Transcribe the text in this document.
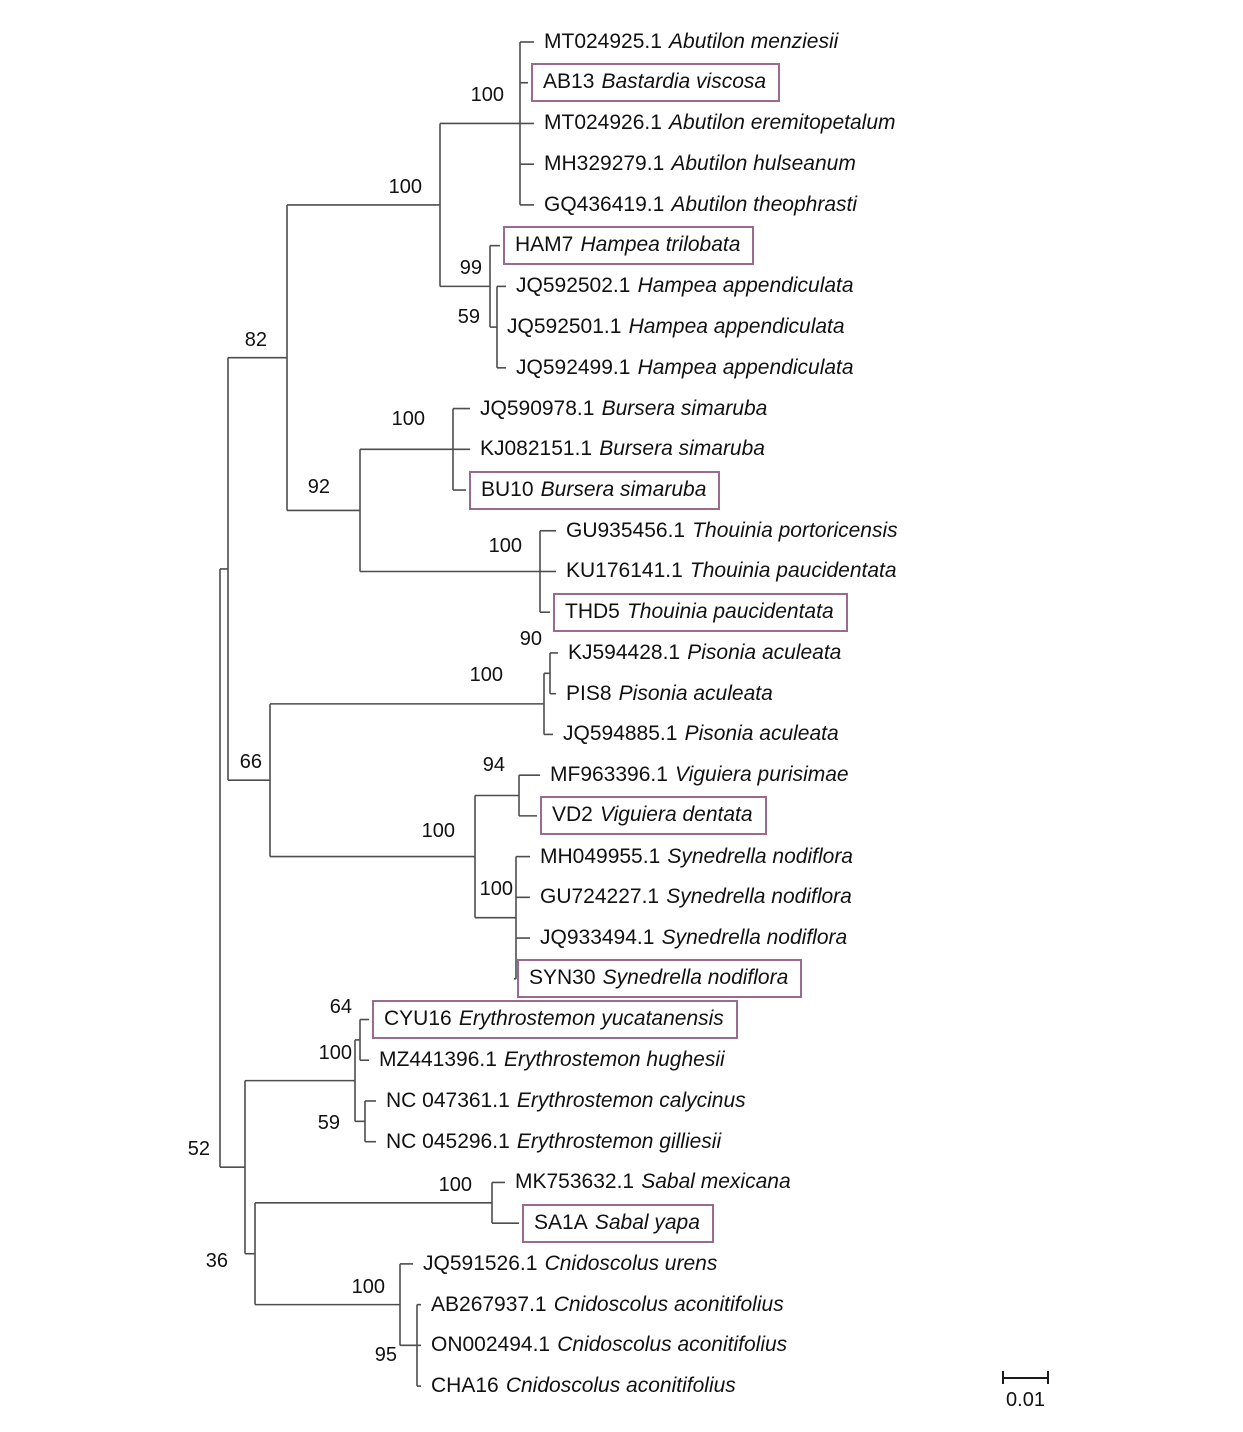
100
59
99
100
100
100
92
82
90
100
94
100
100
66
64
59
100
100
95
100
36
52
MT024925.1 Abutilon menziesii
AB13 Bastardia viscosa
MT024926.1 Abutilon eremitopetalum
MH329279.1 Abutilon hulseanum
GQ436419.1 Abutilon theophrasti
HAM7 Hampea trilobata
JQ592502.1 Hampea appendiculata
JQ592501.1 Hampea appendiculata
JQ592499.1 Hampea appendiculata
JQ590978.1 Bursera simaruba
KJ082151.1 Bursera simaruba
BU10 Bursera simaruba
GU935456.1 Thouinia portoricensis
KU176141.1 Thouinia paucidentata
THD5 Thouinia paucidentata
KJ594428.1 Pisonia aculeata
PIS8 Pisonia aculeata
JQ594885.1 Pisonia aculeata
MF963396.1 Viguiera purisimae
VD2 Viguiera dentata
MH049955.1 Synedrella nodiflora
GU724227.1 Synedrella nodiflora
JQ933494.1 Synedrella nodiflora
SYN30 Synedrella nodiflora
CYU16 Erythrostemon yucatanensis
MZ441396.1 Erythrostemon hughesii
NC 047361.1 Erythrostemon calycinus
NC 045296.1 Erythrostemon gilliesii
MK753632.1 Sabal mexicana
SA1A Sabal yapa
JQ591526.1 Cnidoscolus urens
AB267937.1 Cnidoscolus aconitifolius
ON002494.1 Cnidoscolus aconitifolius
CHA16 Cnidoscolus aconitifolius
0.01
